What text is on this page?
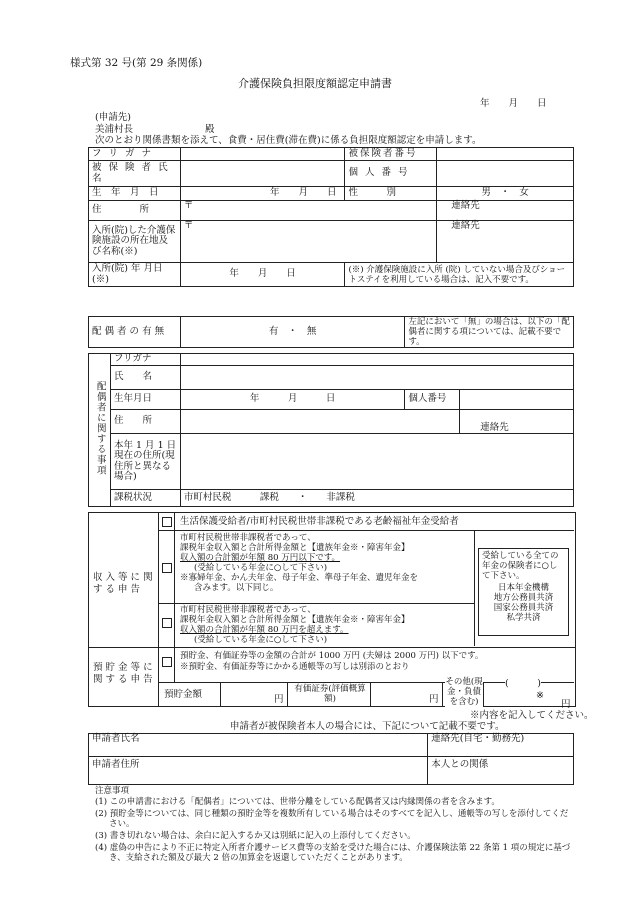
様式第 32 号(第 29 条関係)
介護保険負担限度額認定申請書
年　　月　　日
(申請先)
美浦村長	殿
次のとおり関係書類を添えて、食費・居住費(滞在費)に係る負担限度額認定を申請します。
フ リ ガ ナ		被保険者番号	
被 保 険 者 氏 名		個 人 番 号	
生　年　月　日	年　　月　　日	性　　　別	男　・　女
住　　　　所	〒		連絡先
入所(院)した介護保険施設の所在地及び名称(※)	〒		連絡先
入所(院) 年 月日(※)	年　　月　　日	(※) 介護保険施設に入所 (院) していない場合及びショートステイを利用している場合は、記入不要です。	
配 偶 者 の 有 無		有　・　無	左記において「無」の場合は、以下の「配偶者に関する項については、記載不要です。	

配偶者に関する事項	フリガナ			
	氏　　名			
	生年月日	年　　　月　　　日	個人番号	
	住　　所			連絡先
	本年 1 月 1 日現在の住所(現住所と異なる場合)			
	課税状況	市町村民税　　　課税　　・　　非課税		
収 入 等 に 関 す る 申 告
生活保護受給者/市町村民税世帯非課税である老齢福祉年金受給者
市町村民税世帯非課税者であって、
課税年金収入額と合計所得金額と【遺族年金※・障害年金】
収入額の合計額が年額 80 万円以下です。
(受給している年金に○して下さい)
※寡婦年金、かん夫年金、母子年金、準母子年金、遺児年金を
含みます。以下同じ。
市町村民税世帯非課税者であって、
課税年金収入額と合計所得金額と【遺族年金※・障害年金】
収入額の合計額が年額 80 万円を超えます。
(受給している年金に○して下さい)
受給している全ての年金の保険者に○して下さい。
日本年金機構
地方公務員共済
国家公務員共済
私学共済
預 貯 金 等 に 関 す る 申 告
預貯金、有価証券等の金額の合計が 1000 万円 (夫婦は 2000 万円) 以下です。
※預貯金、有価証券等にかかる通帳等の写しは別添のとおり
預貯金額	円
有価証券(評価概算額)	円
その他(現金・負債を含む)
(　　　)
※
円
※内容を記入してください。
申請者が被保険者本人の場合には、下記について記載不要です。
申請者氏名	連絡先(自宅・勤務先)
申請者住所	本人との関係
注意事項
(1) この申請書における「配偶者」については、世帯分離をしている配偶者又は内縁関係の者を含みます。
(2) 預貯金等については、同じ種類の預貯金等を複数所有している場合はそのすべてを記入し、通帳等の写しを添付してください。
(3) 書き切れない場合は、余白に記入するか又は別紙に記入の上添付してください。
(4) 虚偽の申告により不正に特定入所者介護サービス費等の支給を受けた場合には、介護保険法第 22 条第 1 項の規定に基づき、支給された額及び最大 2 倍の加算金を返還していただくことがあります。
